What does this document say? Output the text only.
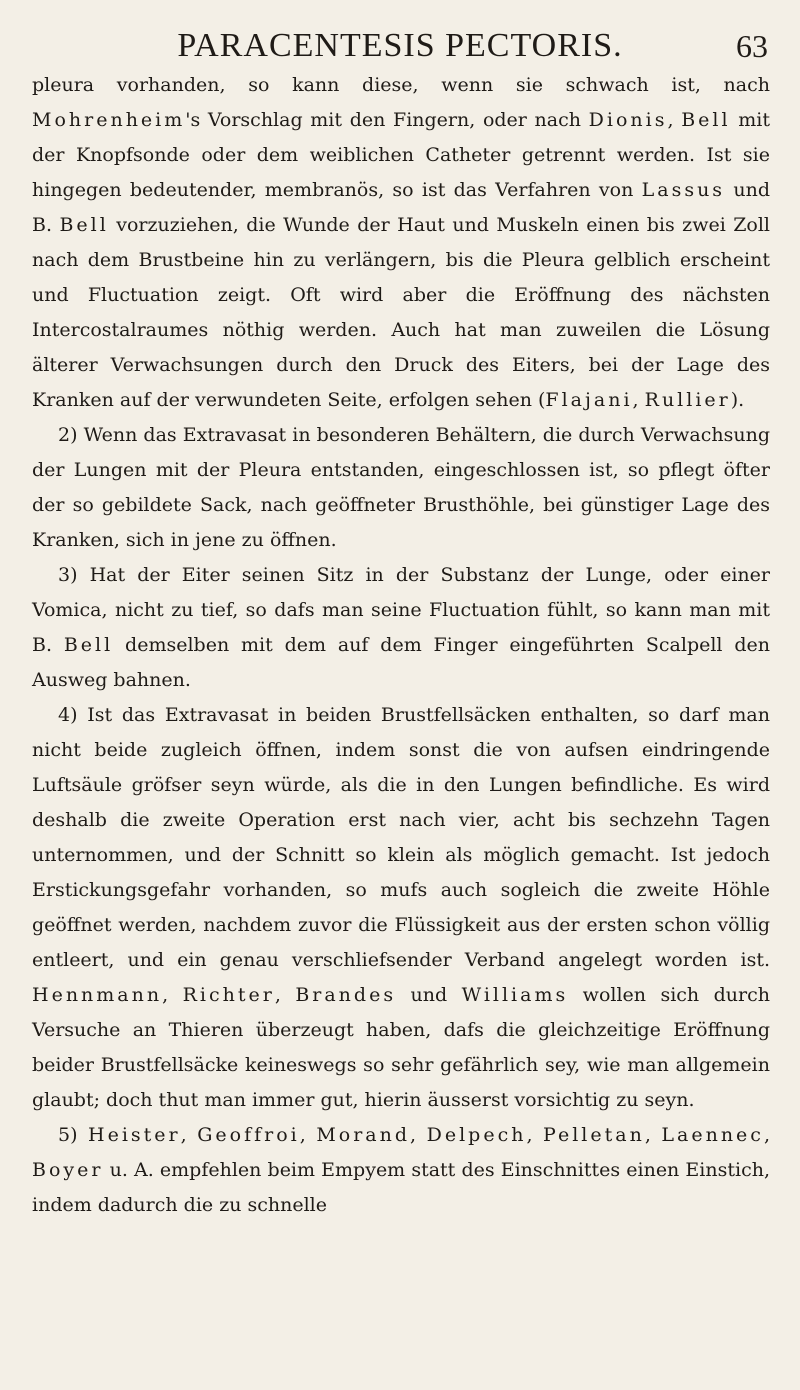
PARACENTESIS PECTORIS.	63

pleura vorhanden, so kann diese, wenn sie schwach ist, nach Mohrenheim's Vorschlag mit den Fingern, oder nach Dionis, Bell mit der Knopfsonde oder dem weiblichen Catheter getrennt werden. Ist sie hingegen bedeutender, membranös, so ist das Verfahren von Lassus und B. Bell vorzuziehen, die Wunde der Haut und Muskeln einen bis zwei Zoll nach dem Brustbeine hin zu verlängern, bis die Pleura gelblich erscheint und Fluctuation zeigt. Oft wird aber die Eröffnung des nächsten Intercostalraumes nöthig werden. Auch hat man zuweilen die Lösung älterer Verwachsungen durch den Druck des Eiters, bei der Lage des Kranken auf der verwundeten Seite, erfolgen sehen (Flajani, Rullier).

2) Wenn das Extravasat in besonderen Behältern, die durch Verwachsung der Lungen mit der Pleura entstanden, eingeschlossen ist, so pflegt öfter der so gebildete Sack, nach geöffneter Brusthöhle, bei günstiger Lage des Kranken, sich in jene zu öffnen.

3) Hat der Eiter seinen Sitz in der Substanz der Lunge, oder einer Vomica, nicht zu tief, so dafs man seine Fluctuation fühlt, so kann man mit B. Bell demselben mit dem auf dem Finger eingeführten Scalpell den Ausweg bahnen.

4) Ist das Extravasat in beiden Brustfellsäcken enthalten, so darf man nicht beide zugleich öffnen, indem sonst die von aufsen eindringende Luftsäule gröfser seyn würde, als die in den Lungen befindliche. Es wird deshalb die zweite Operation erst nach vier, acht bis sechzehn Tagen unternommen, und der Schnitt so klein als möglich gemacht. Ist jedoch Erstickungsgefahr vorhanden, so mufs auch sogleich die zweite Höhle geöffnet werden, nachdem zuvor die Flüssigkeit aus der ersten schon völlig entleert, und ein genau verschliefsender Verband angelegt worden ist. Hennmann, Richter, Brandes und Williams wollen sich durch Versuche an Thieren überzeugt haben, dafs die gleichzeitige Eröffnung beider Brustfellsäcke keineswegs so sehr gefährlich sey, wie man allgemein glaubt; doch thut man immer gut, hierin äusserst vorsichtig zu seyn.

5) Heister, Geoffroi, Morand, Delpech, Pelletan, Laennec, Boyer u. A. empfehlen beim Empyem statt des Einschnittes einen Einstich, indem dadurch die zu schnelle
